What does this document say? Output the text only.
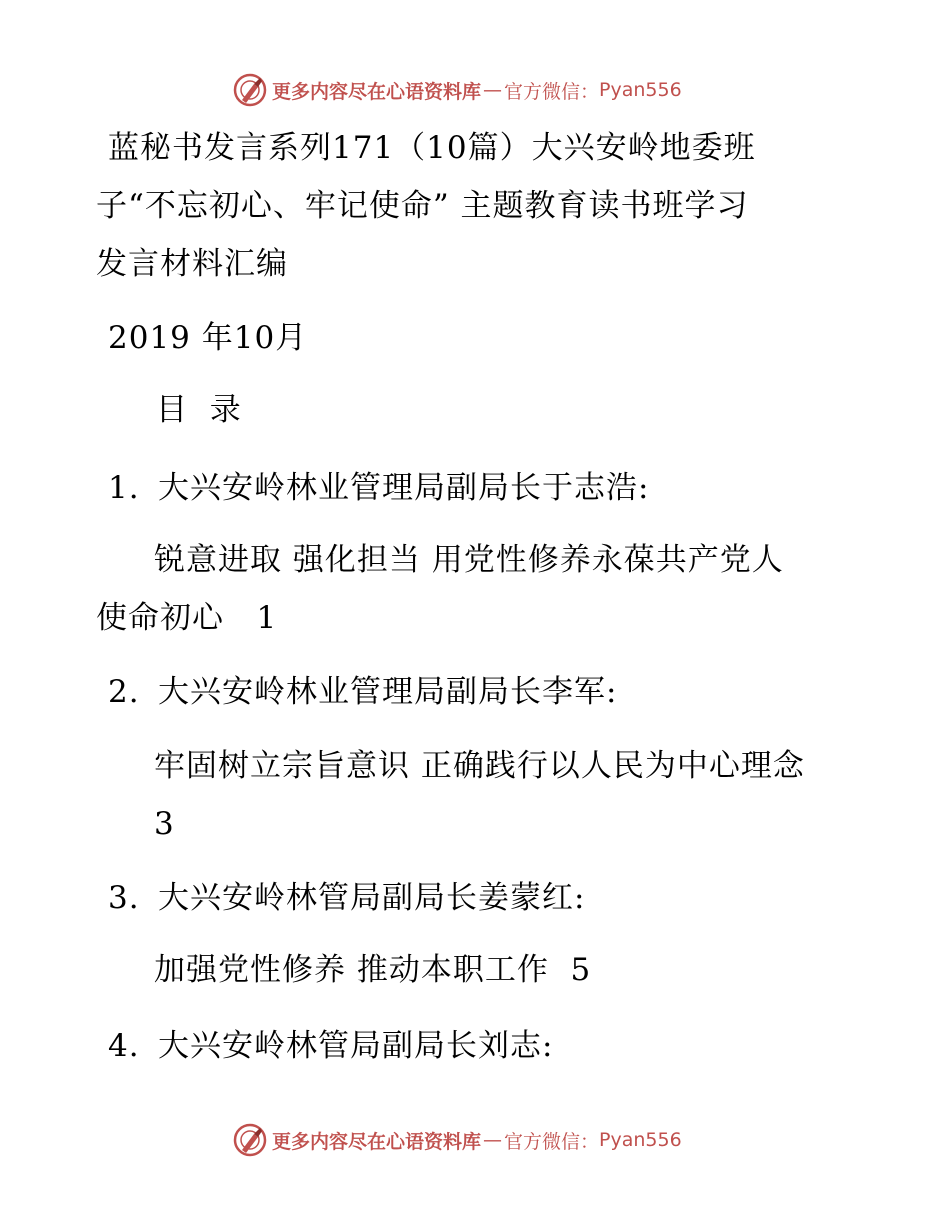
更多内容尽在心语资料库 — 官方微信： Pyan556
蓝秘书发言系列171（10篇）大兴安岭地委班
子“不忘初心、牢记使命” 主题教育读书班学习
发言材料汇编
2019 年10月
目  录
1. 大兴安岭林业管理局副局长于志浩:
锐意进取 强化担当 用党性修养永葆共产党人
使命初心   1
2. 大兴安岭林业管理局副局长李军:
牢固树立宗旨意识 正确践行以人民为中心理念
3
3. 大兴安岭林管局副局长姜蒙红:
加强党性修养 推动本职工作  5
4. 大兴安岭林管局副局长刘志:
更多内容尽在心语资料库 — 官方微信： Pyan556
